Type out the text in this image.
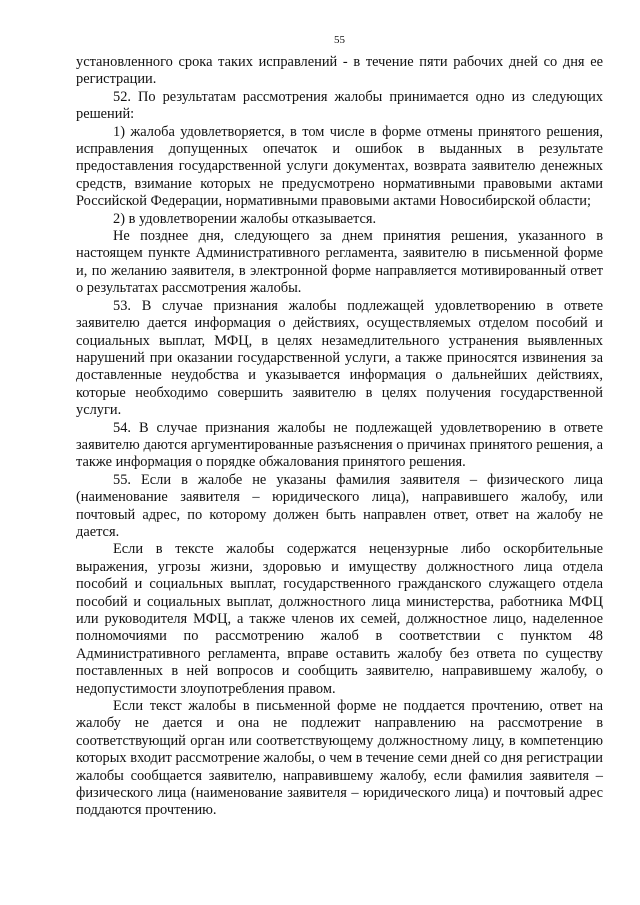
55

установленного срока таких исправлений - в течение пяти рабочих дней со дня ее регистрации.

52. По результатам рассмотрения жалобы принимается одно из следующих решений:

1) жалоба удовлетворяется, в том числе в форме отмены принятого решения, исправления допущенных опечаток и ошибок в выданных в результате предоставления государственной услуги документах, возврата заявителю денежных средств, взимание которых не предусмотрено нормативными правовыми актами Российской Федерации, нормативными правовыми актами Новосибирской области;

2) в удовлетворении жалобы отказывается.

Не позднее дня, следующего за днем принятия решения, указанного в настоящем пункте Административного регламента, заявителю в письменной форме и, по желанию заявителя, в электронной форме направляется мотивированный ответ о результатах рассмотрения жалобы.

53. В случае признания жалобы подлежащей удовлетворению в ответе заявителю дается информация о действиях, осуществляемых отделом пособий и социальных выплат, МФЦ, в целях незамедлительного устранения выявленных нарушений при оказании государственной услуги, а также приносятся извинения за доставленные неудобства и указывается информация о дальнейших действиях, которые необходимо совершить заявителю в целях получения государственной услуги.

54. В случае признания жалобы не подлежащей удовлетворению в ответе заявителю даются аргументированные разъяснения о причинах принятого решения, а также информация о порядке обжалования принятого решения.

55. Если в жалобе не указаны фамилия заявителя – физического лица (наименование заявителя – юридического лица), направившего жалобу, или почтовый адрес, по которому должен быть направлен ответ, ответ на жалобу не дается.

Если в тексте жалобы содержатся нецензурные либо оскорбительные выражения, угрозы жизни, здоровью и имуществу должностного лица отдела пособий и социальных выплат, государственного гражданского служащего отдела пособий и социальных выплат, должностного лица министерства, работника МФЦ или руководителя МФЦ, а также членов их семей, должностное лицо, наделенное полномочиями по рассмотрению жалоб в соответствии с пунктом 48 Административного регламента, вправе оставить жалобу без ответа по существу поставленных в ней вопросов и сообщить заявителю, направившему жалобу, о недопустимости злоупотребления правом.

Если текст жалобы в письменной форме не поддается прочтению, ответ на жалобу не дается и она не подлежит направлению на рассмотрение в соответствующий орган или соответствующему должностному лицу, в компетенцию которых входит рассмотрение жалобы, о чем в течение семи дней со дня регистрации жалобы сообщается заявителю, направившему жалобу, если фамилия заявителя – физического лица (наименование заявителя – юридического лица) и почтовый адрес поддаются прочтению.
